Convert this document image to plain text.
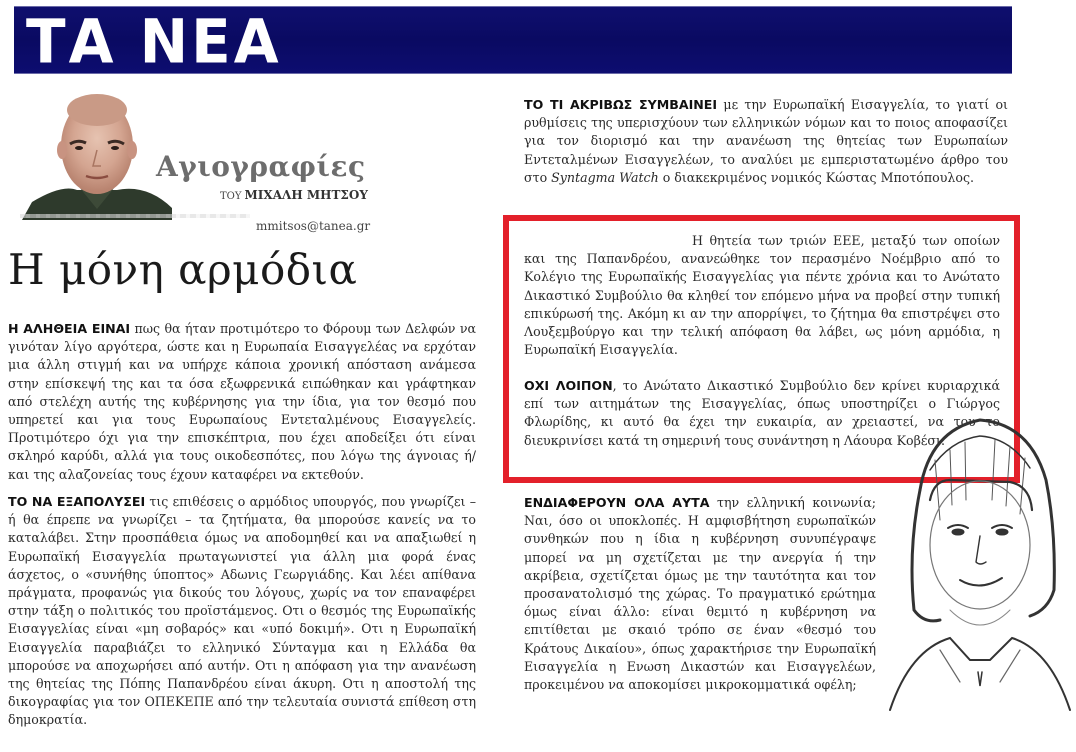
ΤΑ ΝΕΑ
Αγιογραφίες
ΤΟΥ ΜΙΧΑΛΗ ΜΗΤΣΟΥ
mmitsos@tanea.gr
Η μόνη αρμόδια
Η ΑΛΗΘΕΙΑ ΕΙΝΑΙ πως θα ήταν προτιμότερο το Φόρουμ των Δελφών να γινόταν λίγο αργότερα, ώστε και η Ευρωπαία Εισαγγελέας να ερχόταν μια άλλη στιγμή και να υπήρχε κάποια χρονική απόσταση ανάμεσα στην επίσκεψή της και τα όσα εξωφρενικά ειπώθηκαν και γράφτηκαν από στελέχη αυτής της κυβέρνησης για την ίδια, για τον θεσμό που υπηρετεί και για τους Ευρωπαίους Εντεταλμένους Εισαγγελείς. Προτιμότερο όχι για την επισκέπτρια, που έχει αποδείξει ότι είναι σκληρό καρύδι, αλλά για τους οικοδεσπότες, που λόγω της άγνοιας ή/και της αλαζονείας τους έχουν καταφέρει να εκτεθούν.
ΤΟ ΝΑ ΕΞΑΠΟΛΥΣΕΙ τις επιθέσεις ο αρμόδιος υπουργός, που γνωρίζει – ή θα έπρεπε να γνωρίζει – τα ζητήματα, θα μπορούσε κανείς να το καταλάβει. Στην προσπάθεια όμως να αποδομηθεί και να απαξιωθεί η Ευρωπαϊκή Εισαγγελία πρωταγωνιστεί για άλλη μια φορά ένας άσχετος, ο «συνήθης ύποπτος» Αδωνις Γεωργιάδης. Και λέει απίθανα πράγματα, προφανώς για δικούς του λόγους, χωρίς να τον επαναφέρει στην τάξη ο πολιτικός του προϊστάμενος. Οτι ο θεσμός της Ευρωπαϊκής Εισαγγελίας είναι «μη σοβαρός» και «υπό δοκιμή». Οτι η Ευρωπαϊκή Εισαγγελία παραβιάζει το ελληνικό Σύνταγμα και η Ελλάδα θα μπορούσε να αποχωρήσει από αυτήν. Οτι η απόφαση για την ανανέωση της θητείας της Πόπης Παπανδρέου είναι άκυρη. Οτι η αποστολή της δικογραφίας για τον ΟΠΕΚΕΠΕ από την τελευταία συνιστά επίθεση στη δημοκρατία.
ΤΟ ΤΙ ΑΚΡΙΒΩΣ ΣΥΜΒΑΙΝΕΙ με την Ευρωπαϊκή Εισαγγελία, το γιατί οι ρυθμίσεις της υπερισχύουν των ελληνικών νόμων και το ποιος αποφασίζει για τον διορισμό και την ανανέωση της θητείας των Ευρωπαίων Εντεταλμένων Εισαγγελέων, το αναλύει με εμπεριστατωμένο άρθρο του στο Syntagma Watch ο διακεκριμένος νομικός Κώστας Μποτόπουλος.
Η θητεία των τριών ΕΕΕ, μεταξύ των οποίων και της Παπανδρέου, ανανεώθηκε τον περασμένο Νοέμβριο από το Κολέγιο της Ευρωπαϊκής Εισαγγελίας για πέντε χρόνια και το Ανώτατο Δικαστικό Συμβούλιο θα κληθεί τον επόμενο μήνα να προβεί στην τυπική επικύρωσή της. Ακόμη κι αν την απορρίψει, το ζήτημα θα επιστρέψει στο Λουξεμβούργο και την τελική απόφαση θα λάβει, ως μόνη αρμόδια, η Ευρωπαϊκή Εισαγγελία.
ΟΧΙ ΛΟΙΠΟΝ, το Ανώτατο Δικαστικό Συμβούλιο δεν κρίνει κυριαρχικά επί των αιτημάτων της Εισαγγελίας, όπως υποστηρίζει ο Γιώργος Φλωρίδης, κι αυτό θα έχει την ευκαιρία, αν χρειαστεί, να του το διευκρινίσει κατά τη σημερινή τους συνάντηση η Λάουρα Κοβέσι.
ΕΝΔΙΑΦΕΡΟΥΝ ΟΛΑ ΑΥΤΑ την ελληνική κοινωνία; Ναι, όσο οι υποκλοπές. Η αμφισβήτηση ευρωπαϊκών συνθηκών που η ίδια η κυβέρνηση συνυπέγραψε μπορεί να μη σχετίζεται με την ανεργία ή την ακρίβεια, σχετίζεται όμως με την ταυτότητα και τον προσανατολισμό της χώρας. Το πραγματικό ερώτημα όμως είναι άλλο: είναι θεμιτό η κυβέρνηση να επιτίθεται με σκαιό τρόπο σε έναν «θεσμό του Κράτους Δικαίου», όπως χαρακτήρισε την Ευρωπαϊκή Εισαγγελία η Ενωση Δικαστών και Εισαγγελέων, προκειμένου να αποκομίσει μικροκομματικά οφέλη;
